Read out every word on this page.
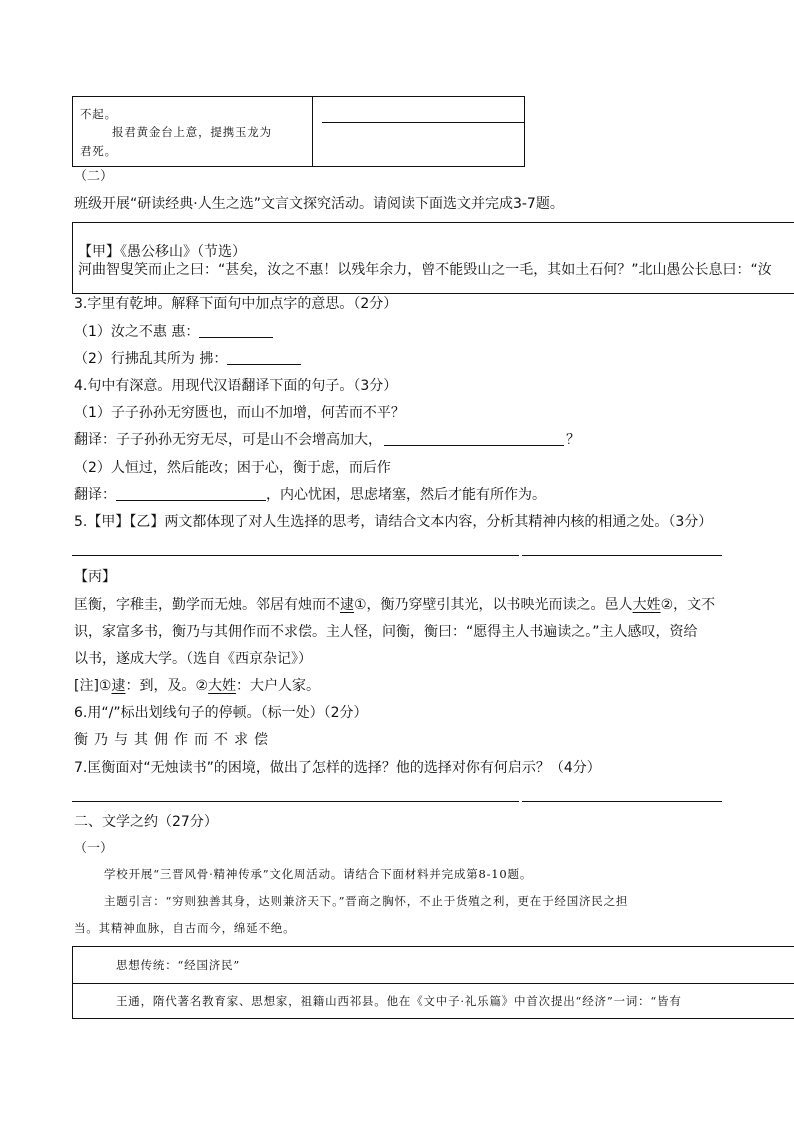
不起。
报君黄金台上意，提携玉龙为
君死。
（二）
班级开展“研读经典·人生之选”文言文探究活动。请阅读下面选文并完成3-7题。
【甲】《愚公移山》（节选）
河曲智叟笑而止之曰：“甚矣，汝之不惠！以残年余力，曾不能毁山之一毛，其如土石何？”北山愚公长息曰：“汝
3.字里有乾坤。解释下面句中加点字的意思。（2分）
（1）汝之不惠 惠：
（2）行拂乱其所为 拂：
4.句中有深意。用现代汉语翻译下面的句子。（3分）
（1）子子孙孙无穷匮也，而山不加增，何苦而不平？
翻译：子子孙孙无穷无尽，可是山不会增高加大，	？
（2）人恒过，然后能改；困于心，衡于虑，而后作
翻译：	，内心忧困，思虑堵塞，然后才能有所作为。
5.【甲】【乙】两文都体现了对人生选择的思考，请结合文本内容，分析其精神内核的相通之处。（3分）
【丙】
匡衡，字稚圭，勤学而无烛。邻居有烛而不逮①，衡乃穿壁引其光，以书映光而读之。邑人大姓②，文不
识，家富多书，衡乃与其佣作而不求偿。主人怪，问衡，衡曰：“愿得主人书遍读之。”主人感叹，资给
以书，遂成大学。（选自《西京杂记》）
[注]①逮：到，及。②大姓：大户人家。
6.用“/”标出划线句子的停顿。（标一处）（2分）
衡乃与其佣作而不求偿
7.匡衡面对“无烛读书”的困境，做出了怎样的选择？他的选择对你有何启示？（4分）
二、文学之约（27分）
（一）
学校开展“三晋风骨·精神传承”文化周活动。请结合下面材料并完成第8-10题。
主题引言：“穷则独善其身，达则兼济天下。”晋商之胸怀，不止于货殖之利，更在于经国济民之担
当。其精神血脉，自古而今，绵延不绝。
思想传统：“经国济民”
王通，隋代著名教育家、思想家，祖籍山西祁县。他在《文中子·礼乐篇》中首次提出“经济”一词：“皆有
